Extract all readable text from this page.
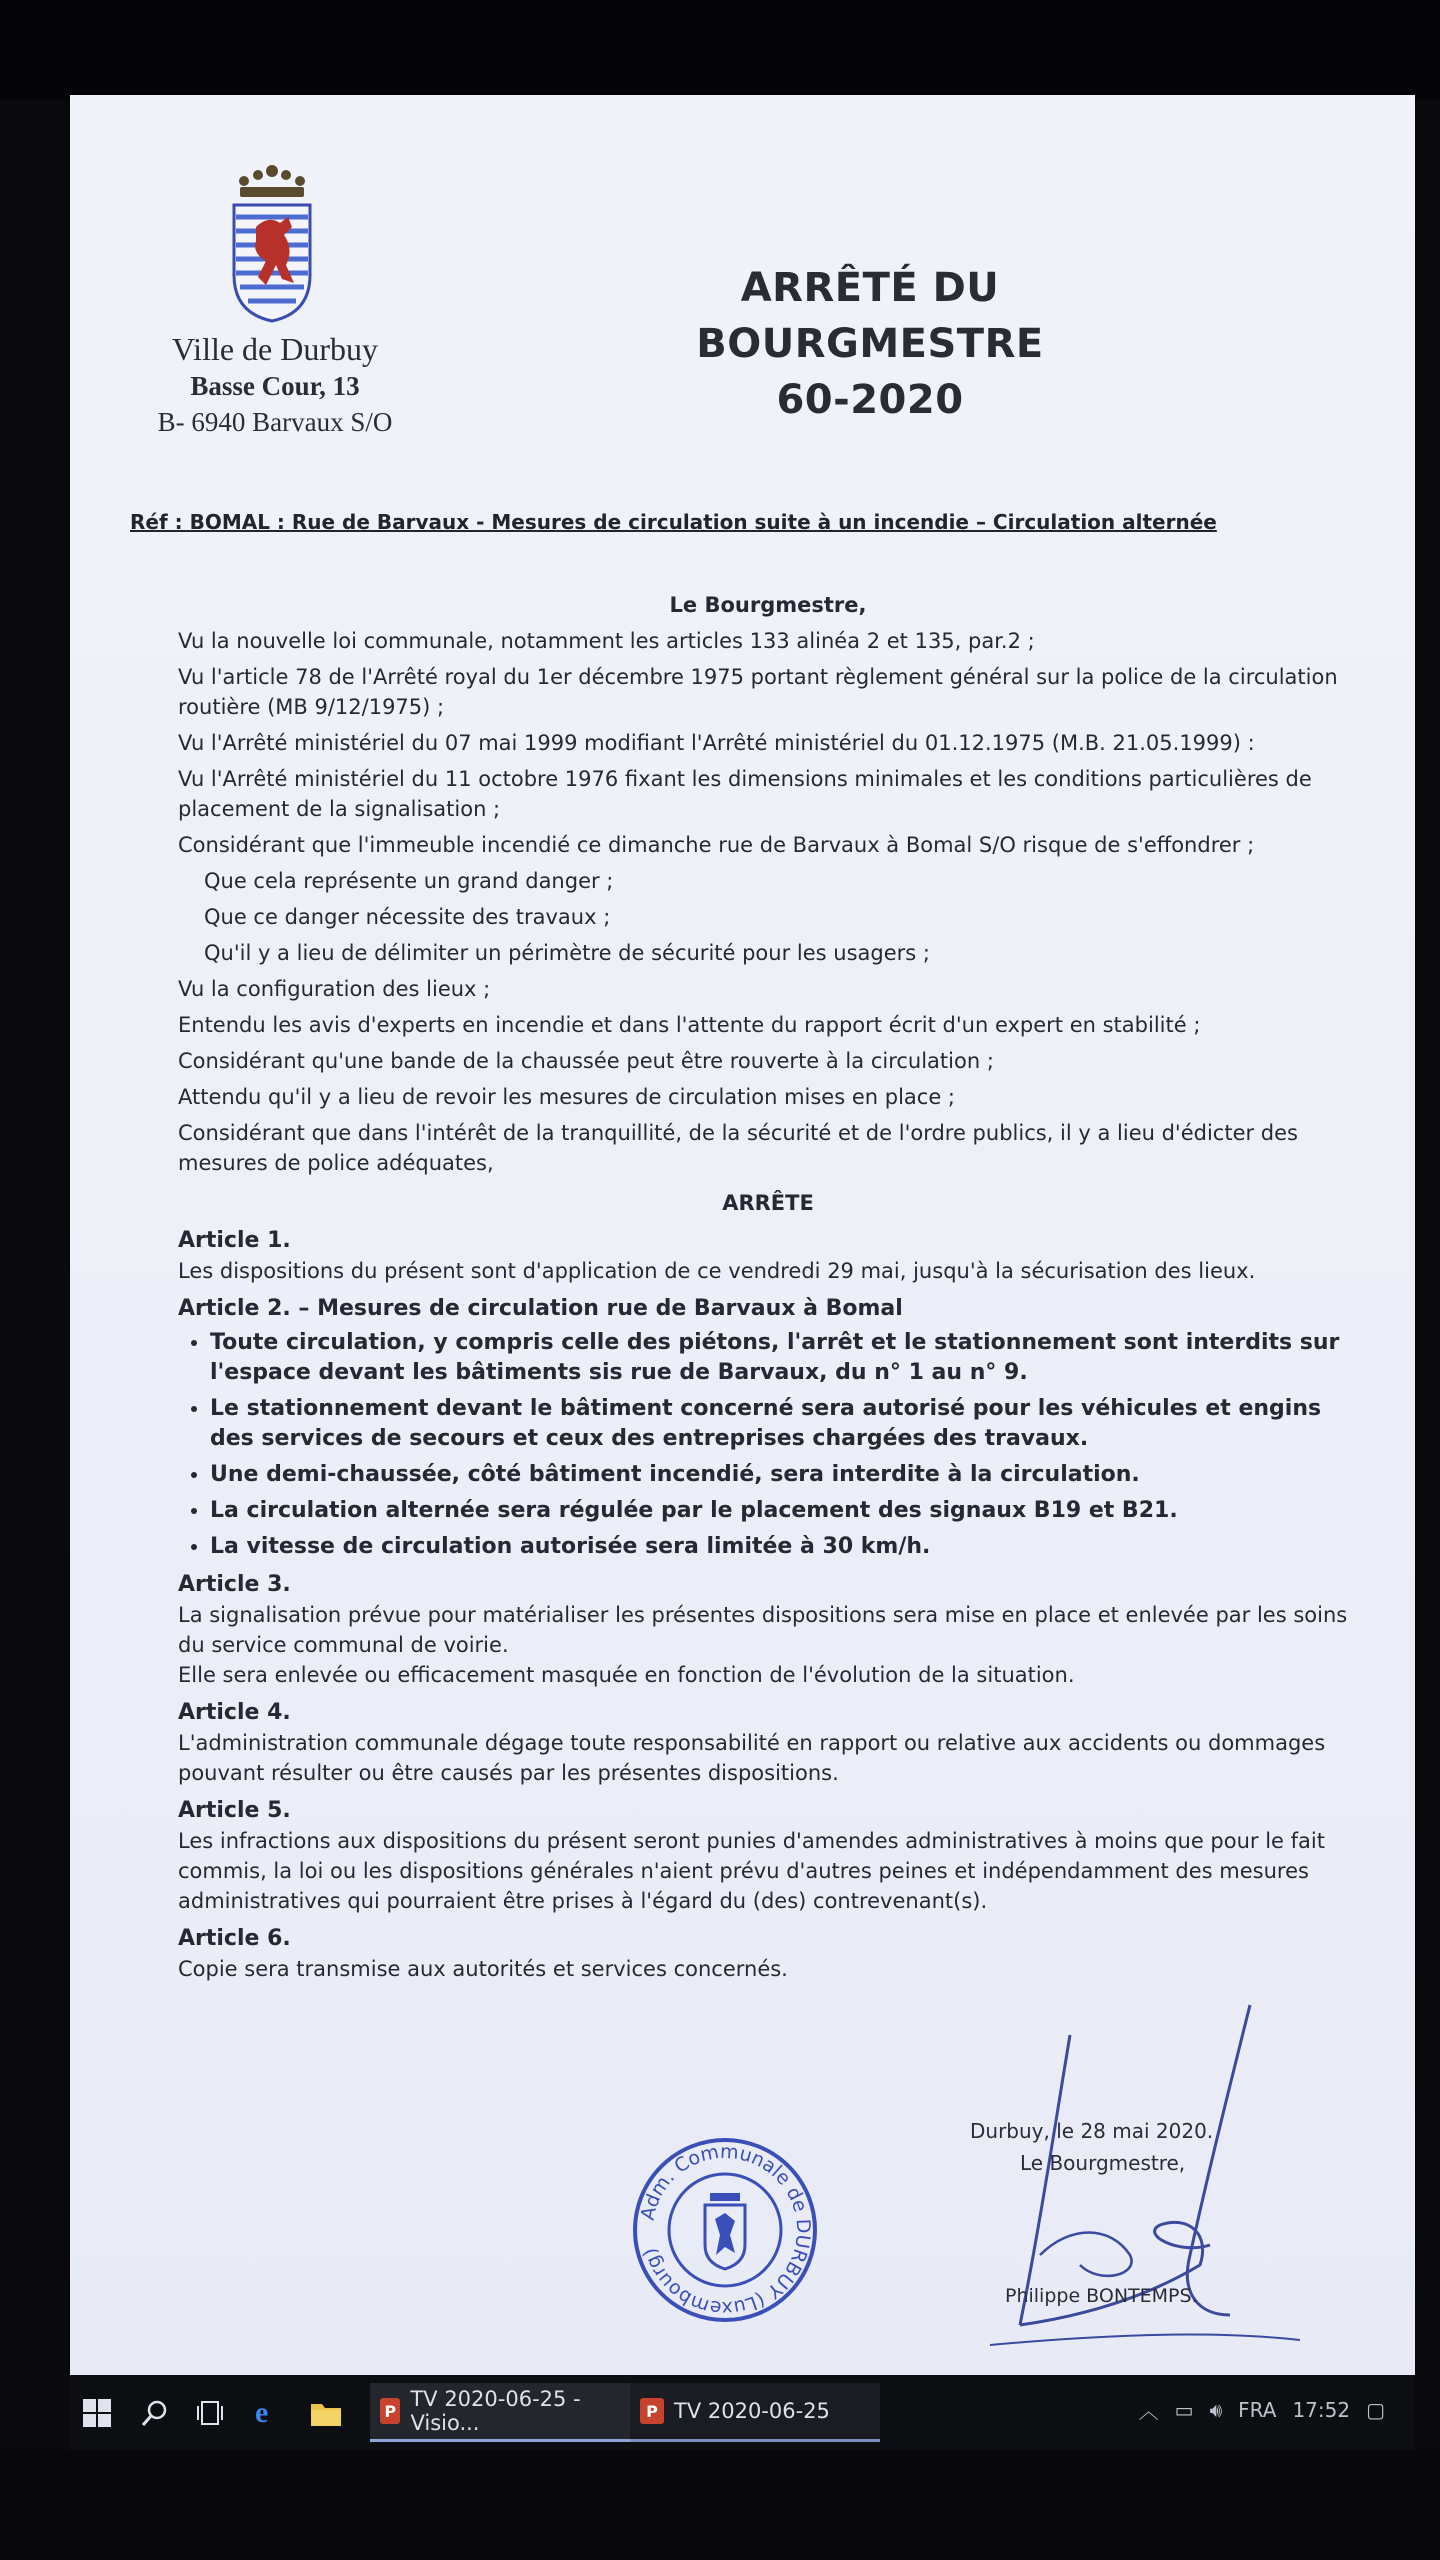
Ville de Durbuy
Basse Cour, 13
B- 6940 Barvaux S/O
ARRÊTÉ DU BOURGMESTRE
60-2020
Réf : BOMAL : Rue de Barvaux - Mesures de circulation suite à un incendie – Circulation alternée

Le Bourgmestre,

Vu la nouvelle loi communale, notamment les articles 133 alinéa 2 et 135, par.2 ;

Vu l'article 78 de l'Arrêté royal du 1er décembre 1975 portant règlement général sur la police de la circulation routière (MB 9/12/1975) ;

Vu l'Arrêté ministériel du 07 mai 1999 modifiant l'Arrêté ministériel du 01.12.1975 (M.B. 21.05.1999) :

Vu l'Arrêté ministériel du 11 octobre 1976 fixant les dimensions minimales et les conditions particulières de placement de la signalisation ;

Considérant que l'immeuble incendié ce dimanche rue de Barvaux à Bomal S/O risque de s'effondrer ;

Que cela représente un grand danger ;

Que ce danger nécessite des travaux ;

Qu'il y a lieu de délimiter un périmètre de sécurité pour les usagers ;

Vu la configuration des lieux ;

Entendu les avis d'experts en incendie et dans l'attente du rapport écrit d'un expert en stabilité ;

Considérant qu'une bande de la chaussée peut être rouverte à la circulation ;

Attendu qu'il y a lieu de revoir les mesures de circulation mises en place ;

Considérant que dans l'intérêt de la tranquillité, de la sécurité et de l'ordre publics, il y a lieu d'édicter des mesures de police adéquates,

ARRÊTE

Article 1.

Les dispositions du présent sont d'application de ce vendredi 29 mai, jusqu'à la sécurisation des lieux.

Article 2. – Mesures de circulation rue de Barvaux à Bomal

• Toute circulation, y compris celle des piétons, l'arrêt et le stationnement sont interdits sur l'espace devant les bâtiments sis rue de Barvaux, du n° 1 au n° 9.
• Le stationnement devant le bâtiment concerné sera autorisé pour les véhicules et engins des services de secours et ceux des entreprises chargées des travaux.
• Une demi-chaussée, côté bâtiment incendié, sera interdite à la circulation.
• La circulation alternée sera régulée par le placement des signaux B19 et B21.
• La vitesse de circulation autorisée sera limitée à 30 km/h.

Article 3.

La signalisation prévue pour matérialiser les présentes dispositions sera mise en place et enlevée par les soins du service communal de voirie.

Elle sera enlevée ou efficacement masquée en fonction de l'évolution de la situation.

Article 4.

L'administration communale dégage toute responsabilité en rapport ou relative aux accidents ou dommages pouvant résulter ou être causés par les présentes dispositions.

Article 5.

Les infractions aux dispositions du présent seront punies d'amendes administratives à moins que pour le fait commis, la loi ou les dispositions générales n'aient prévu d'autres peines et indépendamment des mesures administratives qui pourraient être prises à l'égard du (des) contrevenant(s).

Article 6.

Copie sera transmise aux autorités et services concernés.

Adm. Communale de DURBUY (Luxembourg)
Durbuy, le 28 mai 2020.
Le Bourgmestre,
Philippe BONTEMPS.
e	P TV 2020-06-25 - Visio...	P TV 2020-06-25	︿ ▭ 🔊︎ FRA 17:52 ▢
